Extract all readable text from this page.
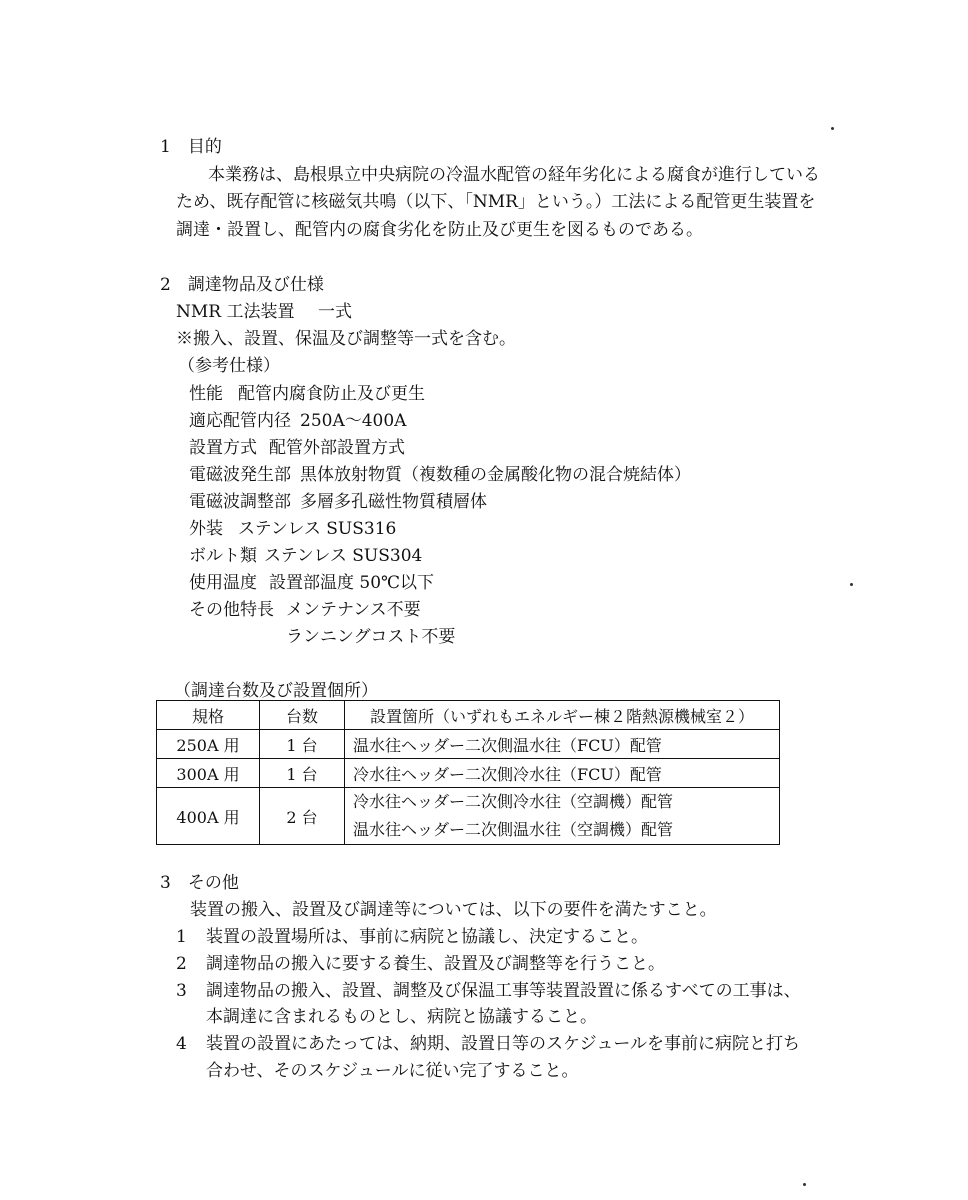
1　目的
本業務は、島根県立中央病院の冷温水配管の経年劣化による腐食が進行している
ため、既存配管に核磁気共鳴（以下、「NMR」という。）工法による配管更生装置を
調達・設置し、配管内の腐食劣化を防止及び更生を図るものである。
2　調達物品及び仕様
NMR 工法装置 一式
※搬入、設置、保温及び調整等一式を含む。
（参考仕様）
性能 配管内腐食防止及び更生
適応配管内径 250A～400A
設置方式 配管外部設置方式
電磁波発生部 黒体放射物質（複数種の金属酸化物の混合焼結体）
電磁波調整部 多層多孔磁性物質積層体
外装 ステンレス SUS316
ボルト類 ステンレス SUS304
使用温度 設置部温度 50℃以下
その他特長 メンテナンス不要
ランニングコスト不要
（調達台数及び設置個所）
規格	台数	設置箇所（いずれもエネルギー棟２階熱源機械室２）
250A 用	1 台	温水往ヘッダー二次側温水往（FCU）配管
300A 用	1 台	冷水往ヘッダー二次側冷水往（FCU）配管
400A 用	2 台	冷水往ヘッダー二次側冷水往（空調機）配管
温水往ヘッダー二次側温水往（空調機）配管
3　その他
装置の搬入、設置及び調達等については、以下の要件を満たすこと。
1 装置の設置場所は、事前に病院と協議し、決定すること。
2 調達物品の搬入に要する養生、設置及び調整等を行うこと。
3 調達物品の搬入、設置、調整及び保温工事等装置設置に係るすべての工事は、
本調達に含まれるものとし、病院と協議すること。
4 装置の設置にあたっては、納期、設置日等のスケジュールを事前に病院と打ち
合わせ、そのスケジュールに従い完了すること。
